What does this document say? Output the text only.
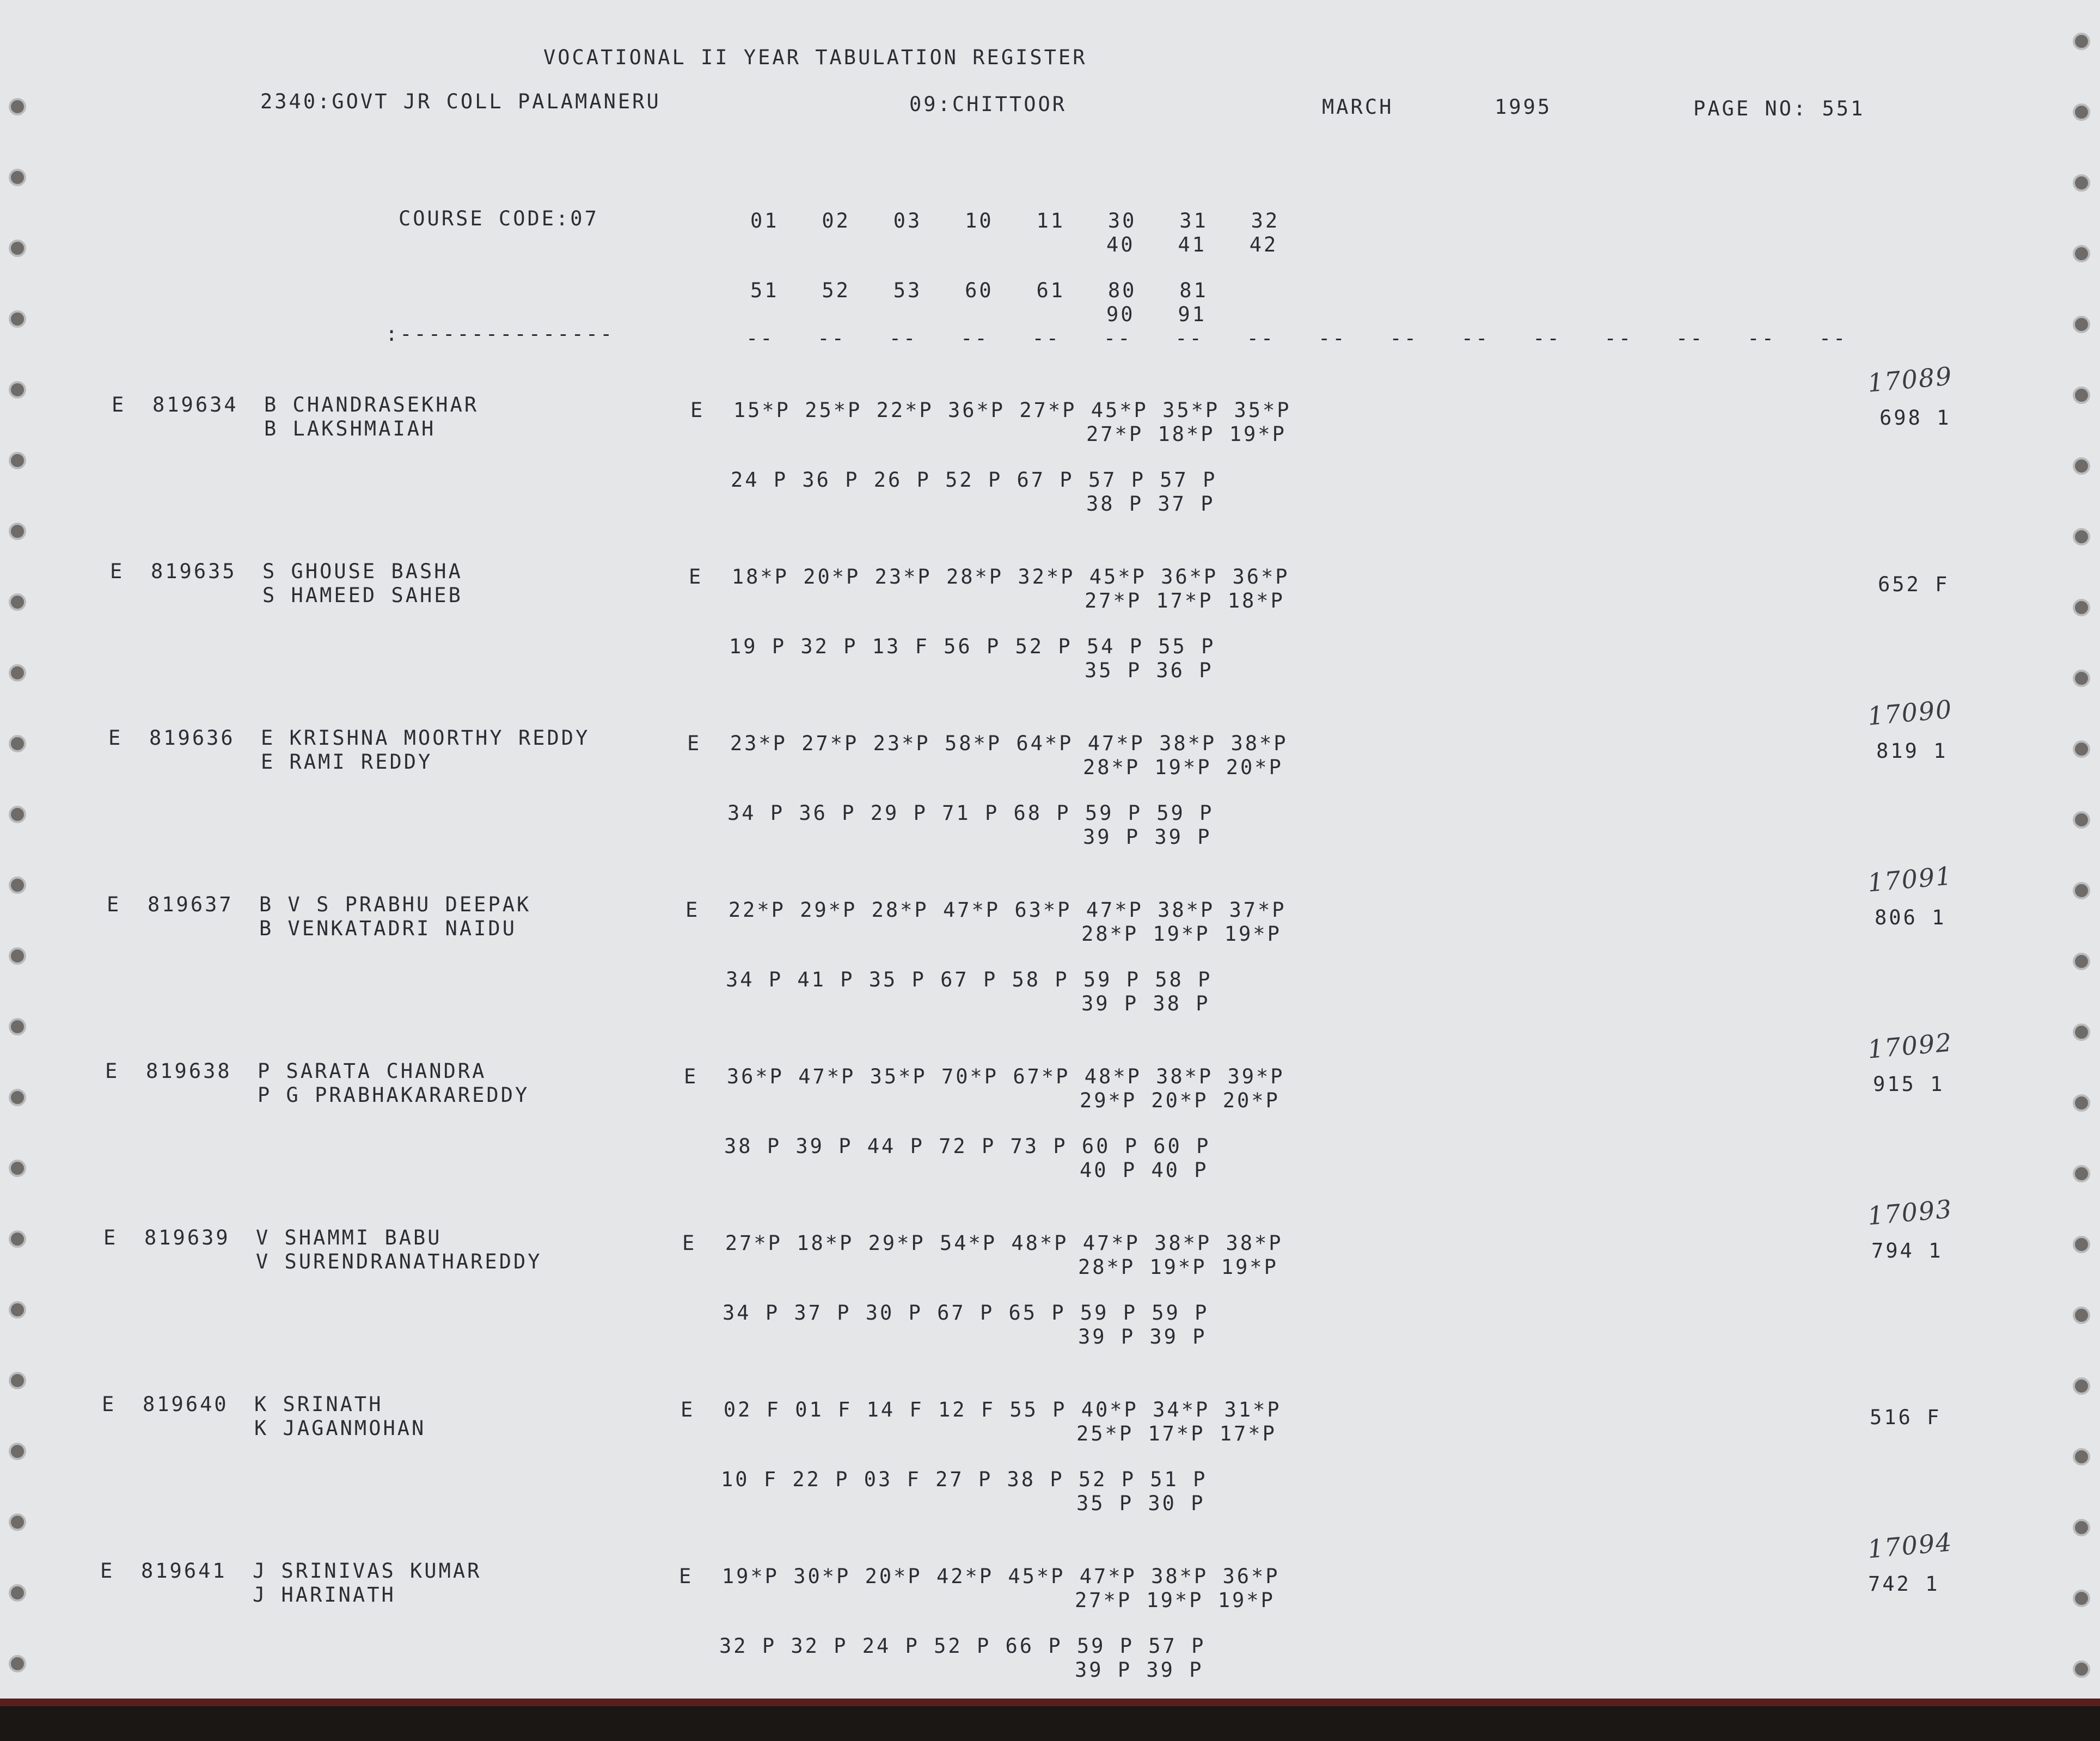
VOCATIONAL II YEAR TABULATION REGISTER
2340:GOVT JR COLL PALAMANERU	09:CHITTOOR	MARCH	1995	PAGE NO: 551
COURSE CODE:07	01   02   03   10   11   30   31   32
40   41   42
51   52   53   60   61   80   81
90   91
:---------------	--   --   --   --   --   --   --   --   --   --   --   --   --   --   --   --
E 819634 B CHANDRASEKHAR
B LAKSHMAIAH
E  15*P 25*P 22*P 36*P 27*P 45*P 35*P 35*P
27*P 18*P 19*P
24 P 36 P 26 P 52 P 67 P 57 P 57 P
38 P 37 P
698 1
17089
E 819635 S GHOUSE BASHA
S HAMEED SAHEB
E  18*P 20*P 23*P 28*P 32*P 45*P 36*P 36*P
27*P 17*P 18*P
19 P 32 P 13 F 56 P 52 P 54 P 55 P
35 P 36 P
652 F
E 819636 E KRISHNA MOORTHY REDDY
E RAMI REDDY
E  23*P 27*P 23*P 58*P 64*P 47*P 38*P 38*P
28*P 19*P 20*P
34 P 36 P 29 P 71 P 68 P 59 P 59 P
39 P 39 P
819 1
17090
E 819637 B V S PRABHU DEEPAK
B VENKATADRI NAIDU
E  22*P 29*P 28*P 47*P 63*P 47*P 38*P 37*P
28*P 19*P 19*P
34 P 41 P 35 P 67 P 58 P 59 P 58 P
39 P 38 P
806 1
17091
E 819638 P SARATA CHANDRA
P G PRABHAKARAREDDY
E  36*P 47*P 35*P 70*P 67*P 48*P 38*P 39*P
29*P 20*P 20*P
38 P 39 P 44 P 72 P 73 P 60 P 60 P
40 P 40 P
915 1
17092
E 819639 V SHAMMI BABU
V SURENDRANATHAREDDY
E  27*P 18*P 29*P 54*P 48*P 47*P 38*P 38*P
28*P 19*P 19*P
34 P 37 P 30 P 67 P 65 P 59 P 59 P
39 P 39 P
794 1
17093
E 819640 K SRINATH
K JAGANMOHAN
E  02 F 01 F 14 F 12 F 55 P 40*P 34*P 31*P
25*P 17*P 17*P
10 F 22 P 03 F 27 P 38 P 52 P 51 P
35 P 30 P
516 F
E 819641 J SRINIVAS KUMAR
J HARINATH
E  19*P 30*P 20*P 42*P 45*P 47*P 38*P 36*P
27*P 19*P 19*P
32 P 32 P 24 P 52 P 66 P 59 P 57 P
39 P 39 P
742 1
17094
